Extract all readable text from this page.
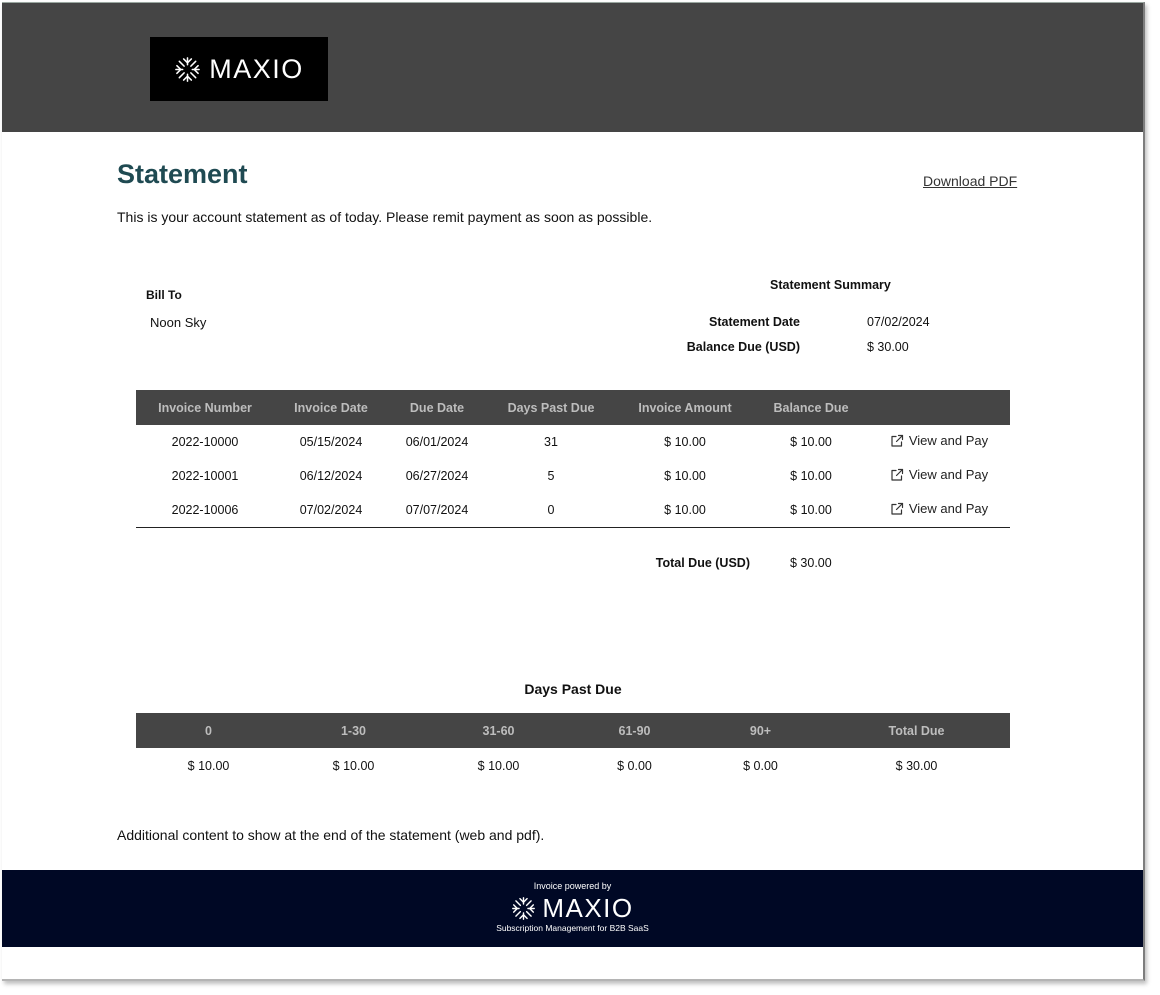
MAXIO
Statement	Download PDF
This is your account statement as of today. Please remit payment as soon as possible.
Bill To
Noon Sky
Statement Summary
Statement Date	07/02/2024
Balance Due (USD)	$ 30.00
Invoice Number	Invoice Date	Due Date	Days Past Due	Invoice Amount	Balance Due	
2022-10000	05/15/2024	06/01/2024	31	$ 10.00	$ 10.00	View and Pay

2022-10001	06/12/2024	06/27/2024	5	$ 10.00	$ 10.00	View and Pay

2022-10006	07/02/2024	07/07/2024	0	$ 10.00	$ 10.00	View and Pay
Total Due (USD)	$ 30.00
Days Past Due
0	1-30	31-60	61-90	90+	Total Due
$ 10.00	$ 10.00	$ 10.00	$ 0.00	$ 0.00	$ 30.00
Additional content to show at the end of the statement (web and pdf).
Invoice powered by
MAXIO
Subscription Management for B2B SaaS
